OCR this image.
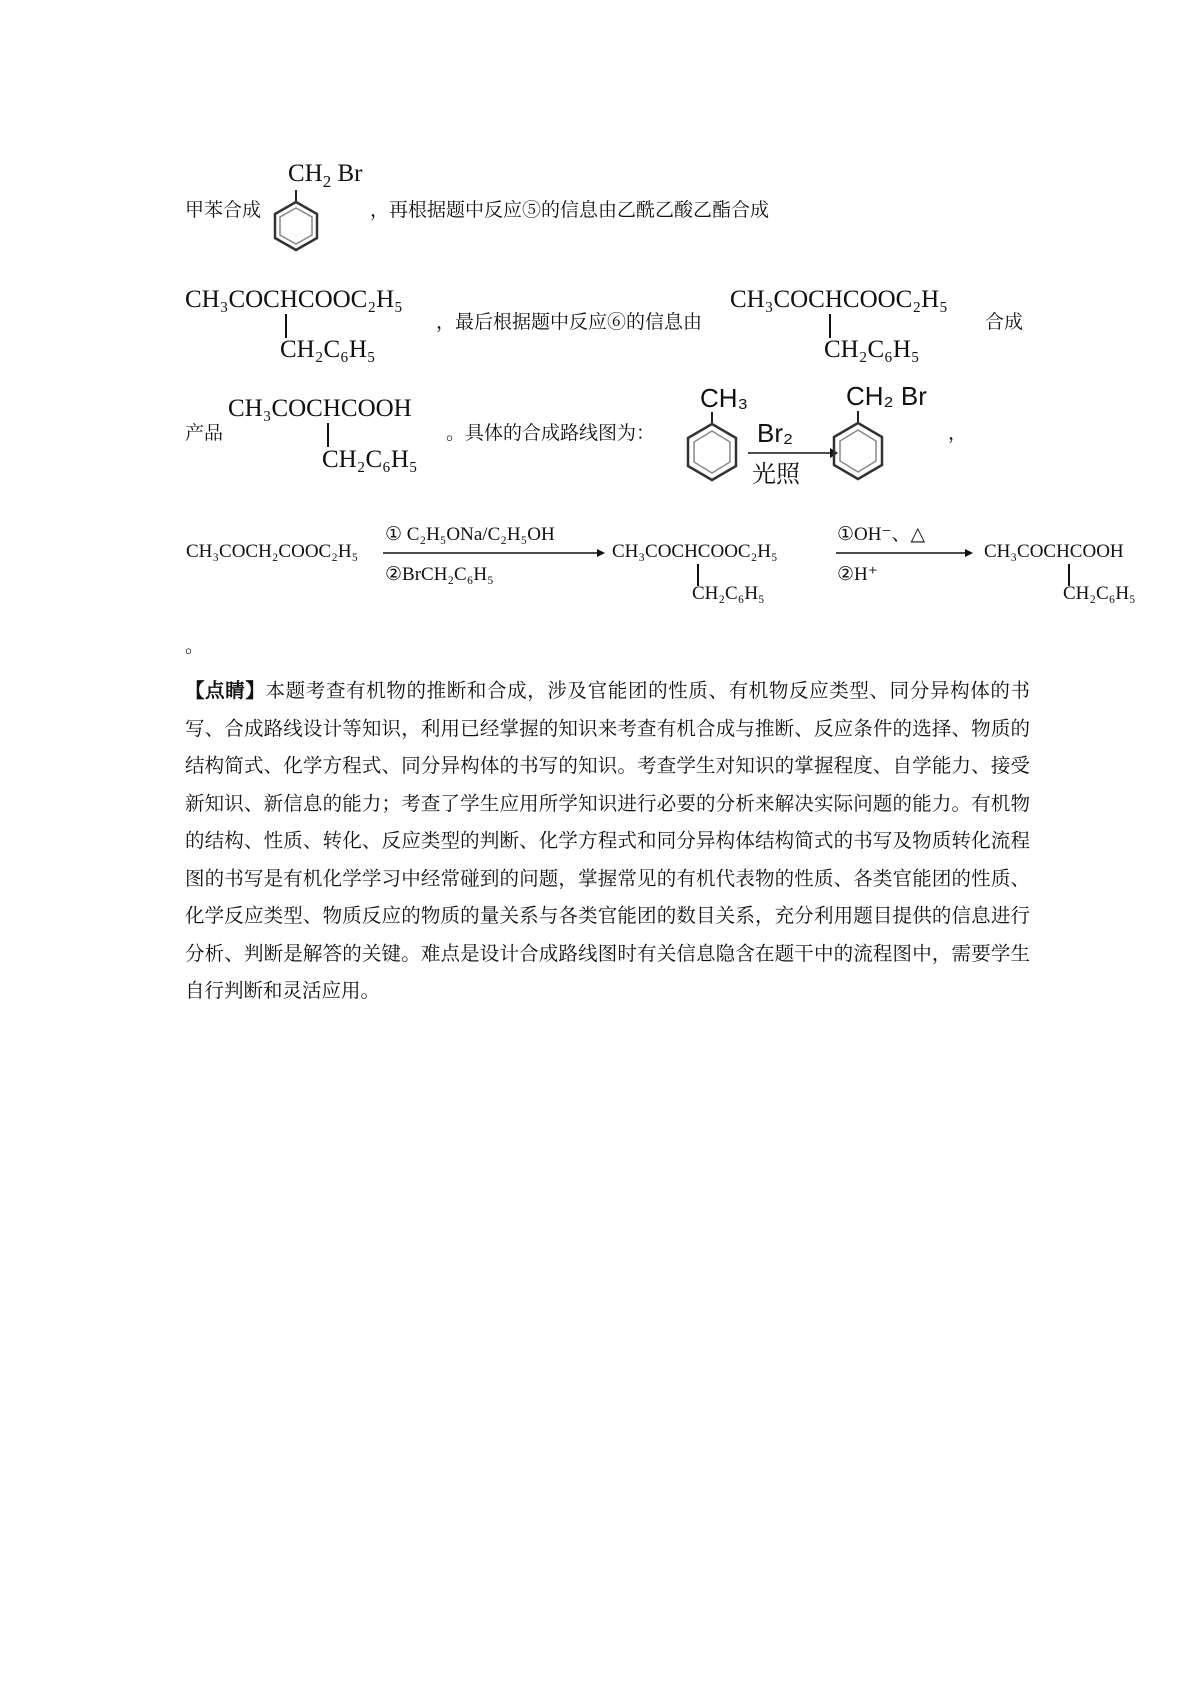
甲苯合成
$CH_2$ Br
，再根据题中反应⑤的信息由乙酰乙酸乙酯合成
CH₃COCHCOOC₂H₅
CH₂C₆H₅
，最后根据题中反应⑥的信息由
CH₃COCHCOOC₂H₅
CH₂C₆H₅
合成
产品
CH₃COCHCOOH
CH₂C₆H₅
。具体的合成路线图为：
CH₃
Br₂
光照
CH₂ Br
，
CH₃COCH₂COOC₂H₅
① C₂H₅ONa/C₂H₅OH
②BrCH₂C₆H₅
CH₃COCHCOOC₂H₅
CH₂C₆H₅
①OH⁻、△
②H⁺
CH₃COCHCOOH
CH₂C₆H₅
。

【点睛】本题考查有机物的推断和合成，涉及官能团的性质、有机物反应类型、同分异构体的书写、合成路线设计等知识，利用已经掌握的知识来考查有机合成与推断、反应条件的选择、物质的结构简式、化学方程式、同分异构体的书写的知识。考查学生对知识的掌握程度、自学能力、接受新知识、新信息的能力；考查了学生应用所学知识进行必要的分析来解决实际问题的能力。有机物的结构、性质、转化、反应类型的判断、化学方程式和同分异构体结构简式的书写及物质转化流程图的书写是有机化学学习中经常碰到的问题，掌握常见的有机代表物的性质、各类官能团的性质、化学反应类型、物质反应的物质的量关系与各类官能团的数目关系，充分利用题目提供的信息进行分析、判断是解答的关键。难点是设计合成路线图时有关信息隐含在题干中的流程图中，需要学生自行判断和灵活应用。
